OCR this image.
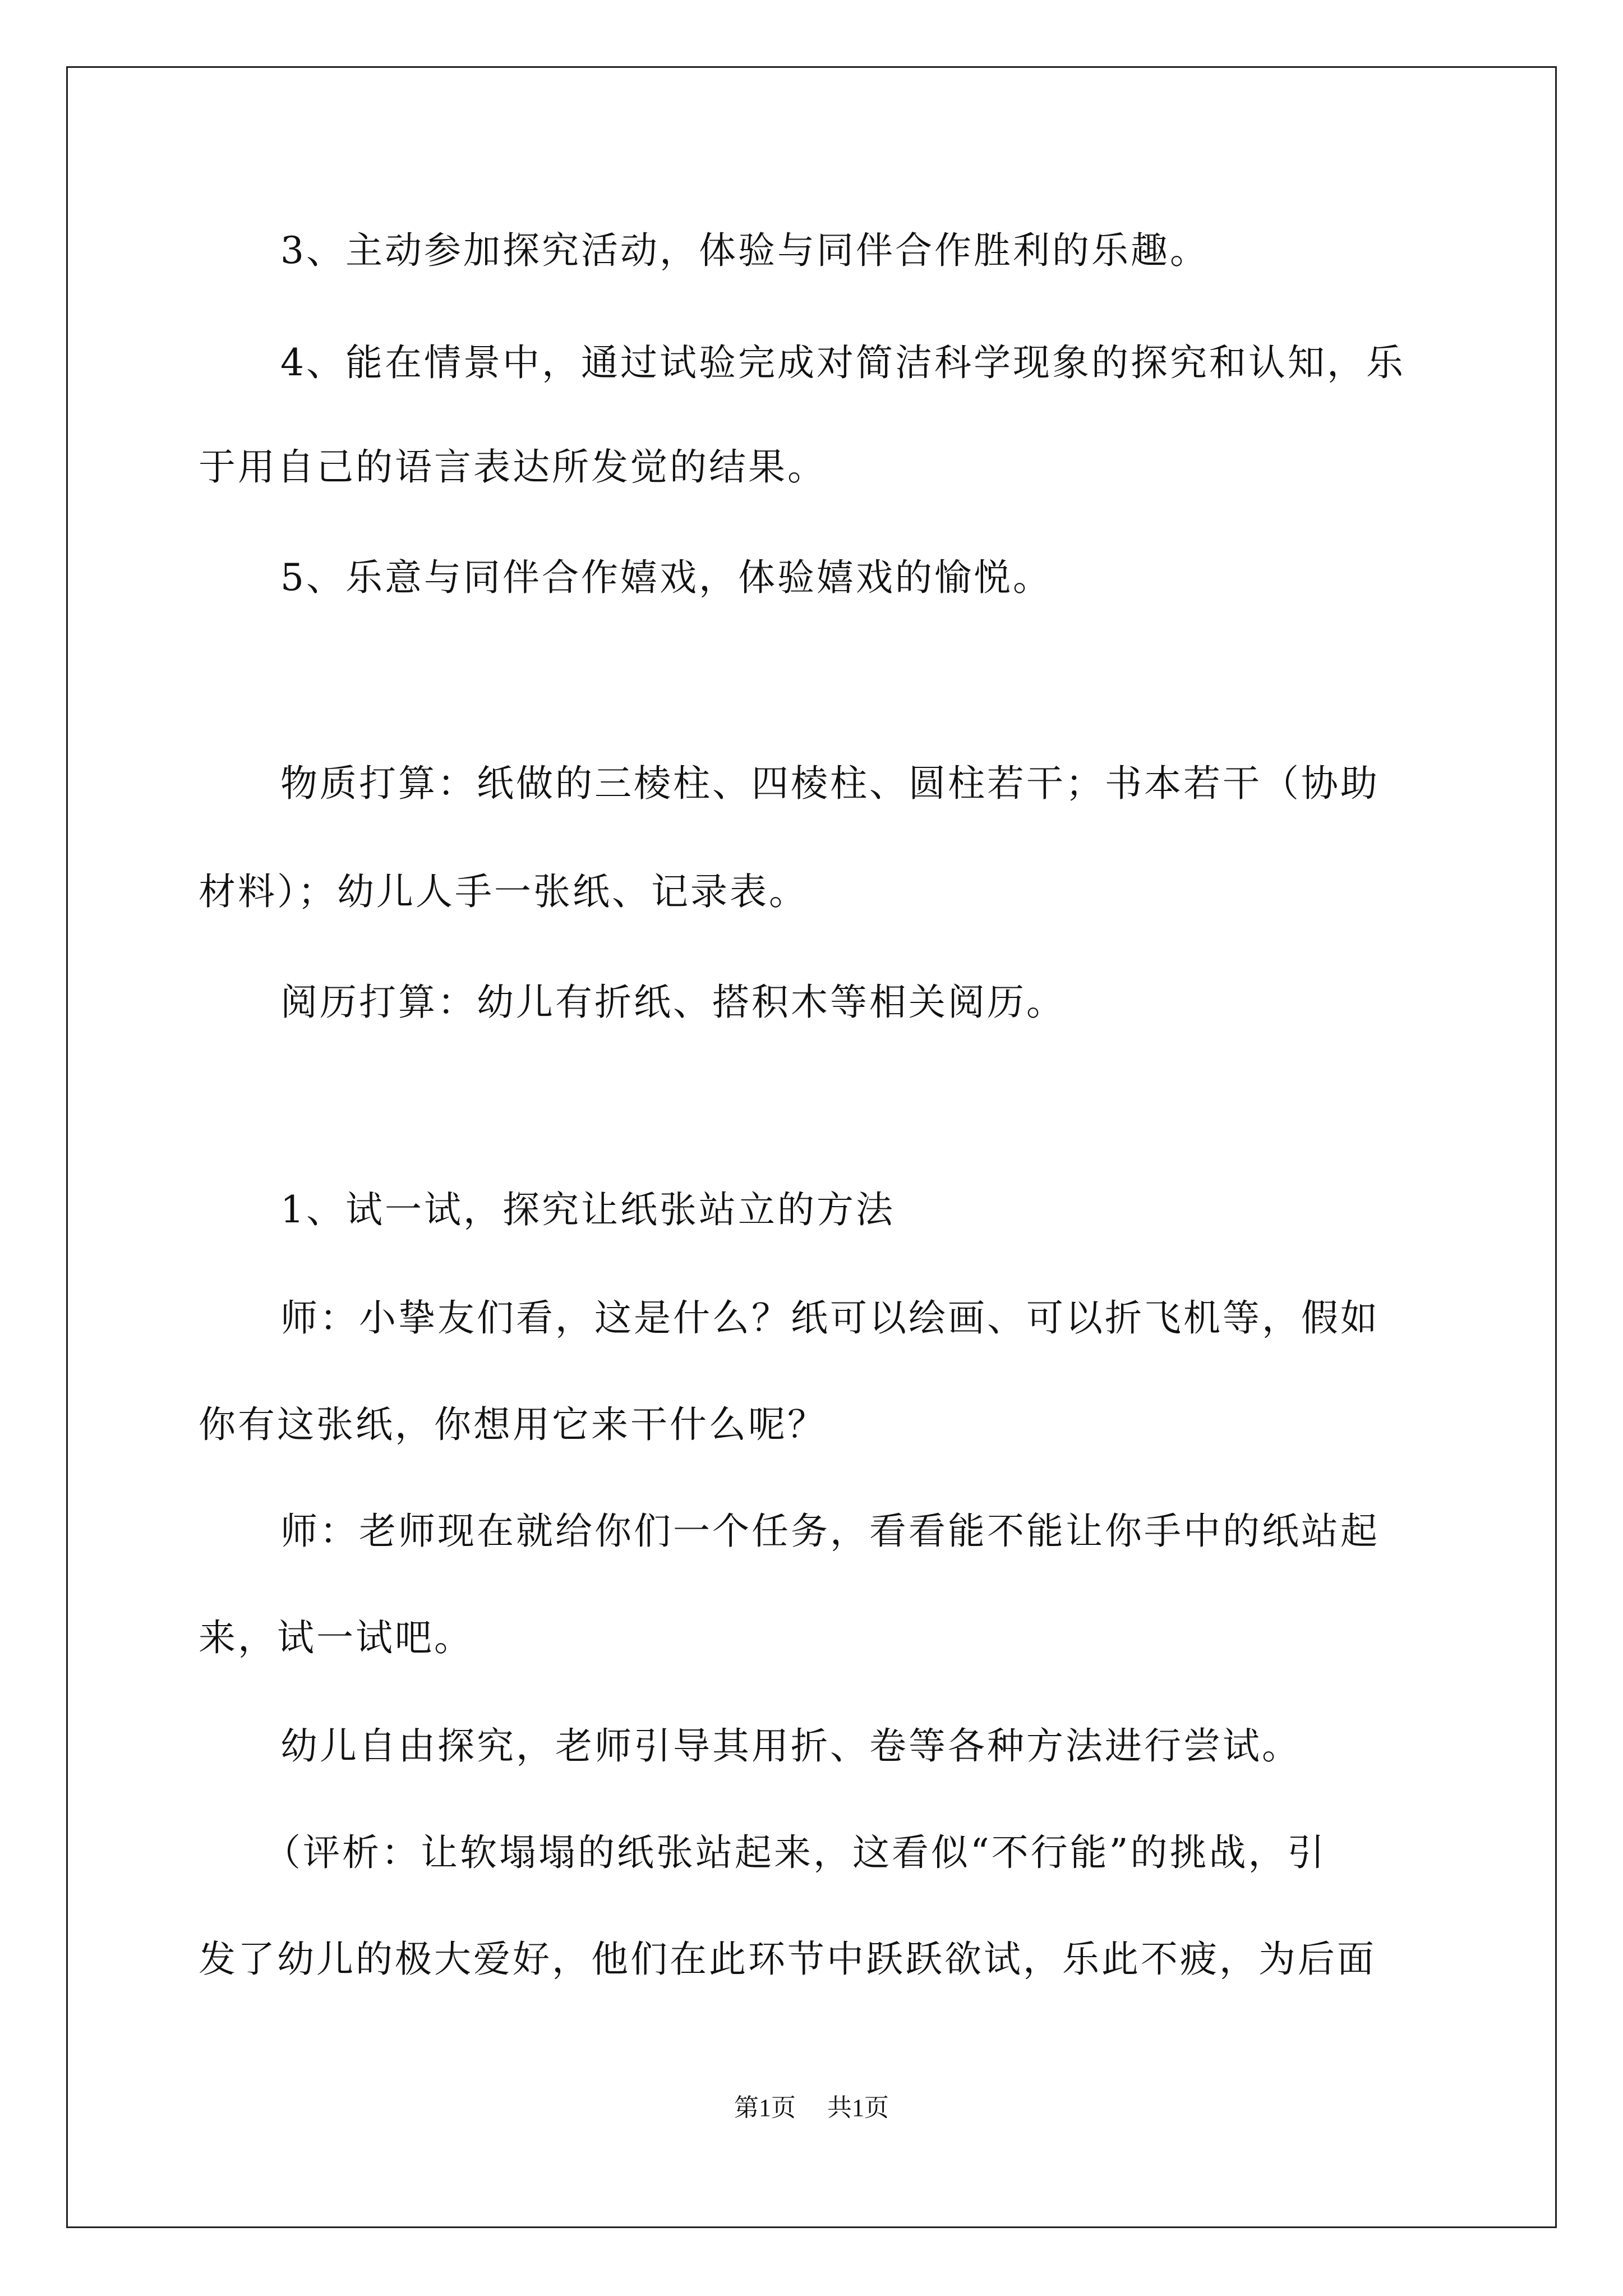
3、主动参加探究活动，体验与同伴合作胜利的乐趣。
4、能在情景中，通过试验完成对简洁科学现象的探究和认知，乐
于用自己的语言表达所发觉的结果。
5、乐意与同伴合作嬉戏，体验嬉戏的愉悦。
物质打算：纸做的三棱柱、四棱柱、圆柱若干；书本若干（协助
材料）；幼儿人手一张纸、记录表。
阅历打算：幼儿有折纸、搭积木等相关阅历。
1、试一试，探究让纸张站立的方法
师：小挚友们看，这是什么？纸可以绘画、可以折飞机等，假如
你有这张纸，你想用它来干什么呢？
师：老师现在就给你们一个任务，看看能不能让你手中的纸站起
来，试一试吧。
幼儿自由探究，老师引导其用折、卷等各种方法进行尝试。
（评析：让软塌塌的纸张站起来，这看似“不行能”的挑战，引
发了幼儿的极大爱好，他们在此环节中跃跃欲试，乐此不疲，为后面
第1页 共1页
